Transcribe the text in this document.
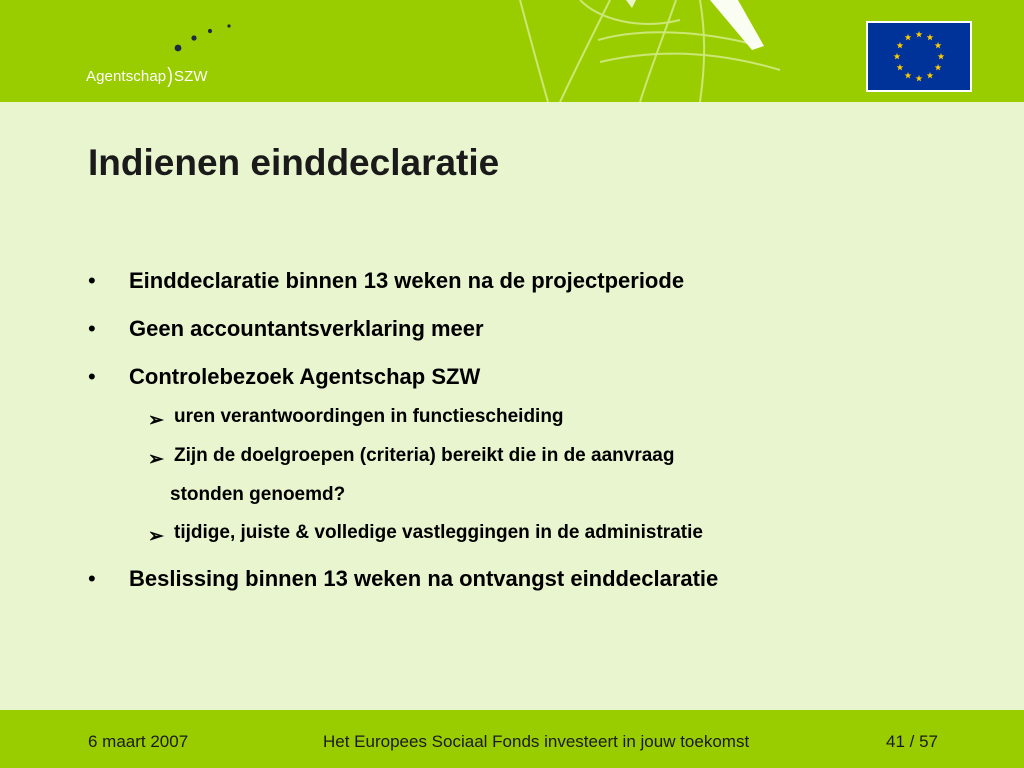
Agentschap)SZW
Indienen einddeclaratie
• Einddeclaratie binnen 13 weken na de projectperiode
• Geen accountantsverklaring meer
• Controlebezoek Agentschap SZW
➢ uren verantwoordingen in functiescheiding
➢ Zijn de doelgroepen (criteria) bereikt die in de aanvraag
stonden genoemd?
➢ tijdige, juiste & volledige vastleggingen in de administratie
• Beslissing binnen 13 weken na ontvangst einddeclaratie
6 maart 2007	Het Europees Sociaal Fonds investeert in jouw toekomst	41 / 57
